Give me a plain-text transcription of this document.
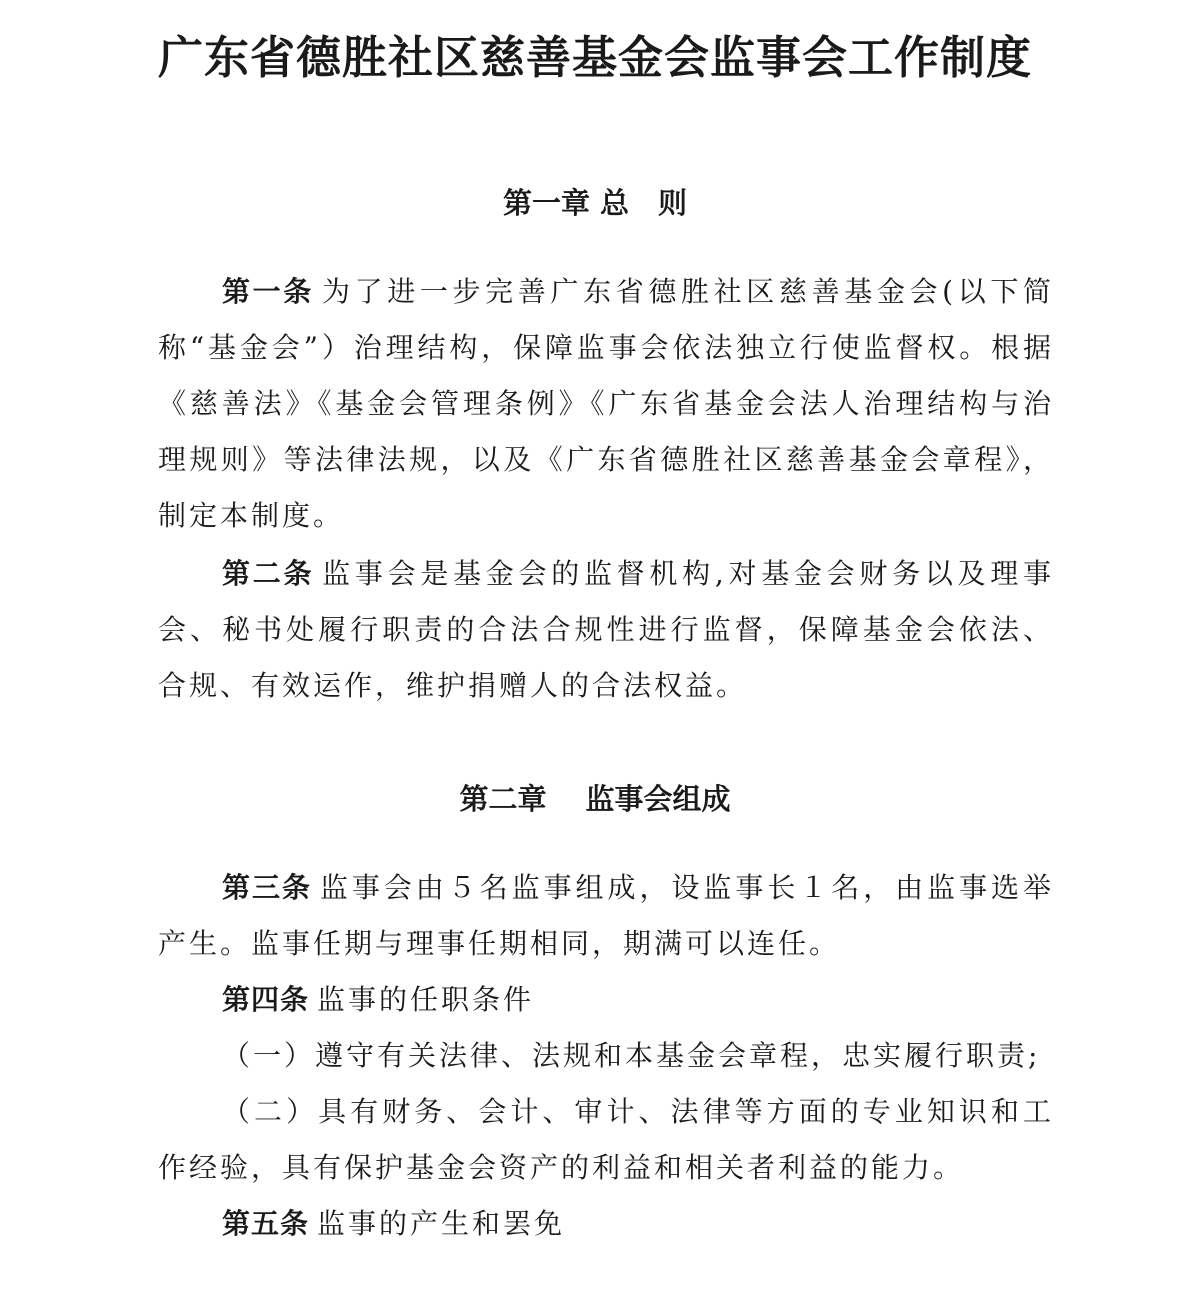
广东省德胜社区慈善基金会监事会工作制度
第一章 总　则

第一条 为了进一步完善广东省德胜社区慈善基金会(以下简称“基金会”）治理结构，保障监事会依法独立行使监督权。根据《慈善法》《基金会管理条例》《广东省基金会法人治理结构与治理规则》等法律法规，以及《广东省德胜社区慈善基金会章程》，制定本制度。

第二条 监事会是基金会的监督机构,对基金会财务以及理事会、秘书处履行职责的合法合规性进行监督，保障基金会依法、合规、有效运作，维护捐赠人的合法权益。

第二章　 监事会组成

第三条 监事会由５名监事组成，设监事长１名，由监事选举产生。监事任期与理事任期相同，期满可以连任。

第四条 监事的任职条件

（一）遵守有关法律、法规和本基金会章程，忠实履行职责;

（二）具有财务、会计、审计、法律等方面的专业知识和工作经验，具有保护基金会资产的利益和相关者利益的能力。

第五条 监事的产生和罢免
